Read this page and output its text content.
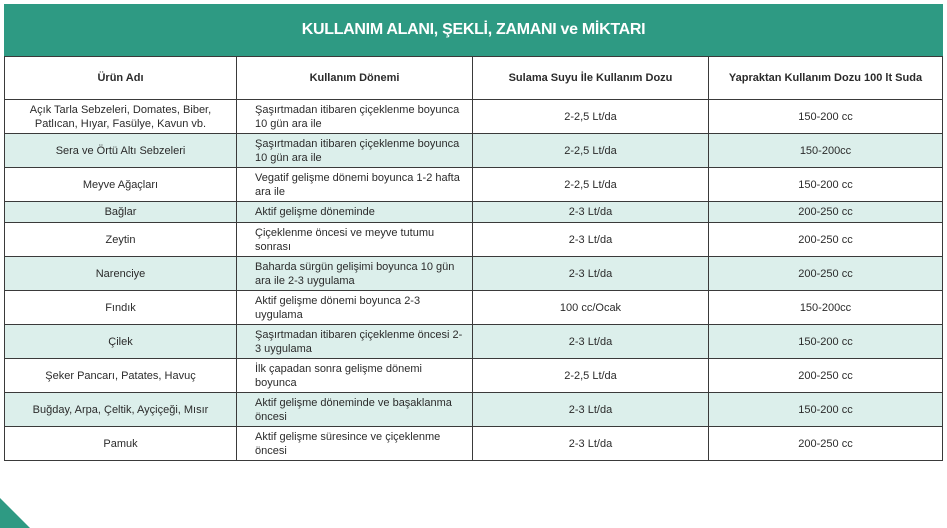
KULLANIM ALANI, ŞEKLİ, ZAMANI ve MİKTARI
Ürün Adı	Kullanım Dönemi	Sulama Suyu İle Kullanım Dozu	Yapraktan Kullanım Dozu 100 lt Suda
Açık Tarla Sebzeleri, Domates, Biber, Patlıcan, Hıyar, Fasülye, Kavun vb.	Şaşırtmadan itibaren çiçeklenme boyunca 10 gün ara ile	2-2,5 Lt/da	150-200 cc
Sera ve Örtü Altı Sebzeleri	Şaşırtmadan itibaren çiçeklenme boyunca 10 gün ara ile	2-2,5 Lt/da	150-200cc
Meyve Ağaçları	Vegatif gelişme dönemi boyunca 1-2 hafta ara ile	2-2,5 Lt/da	150-200 cc
Bağlar	Aktif gelişme döneminde	2-3 Lt/da	200-250 cc
Zeytin	Çiçeklenme öncesi ve meyve tutumu sonrası	2-3 Lt/da	200-250 cc
Narenciye	Baharda sürgün gelişimi boyunca 10 gün ara ile 2-3 uygulama	2-3 Lt/da	200-250 cc
Fındık	Aktif gelişme dönemi boyunca 2-3 uygulama	100 cc/Ocak	150-200cc
Çilek	Şaşırtmadan itibaren çiçeklenme öncesi 2-3 uygulama	2-3 Lt/da	150-200 cc
Şeker Pancarı, Patates, Havuç	İlk çapadan sonra gelişme dönemi boyunca	2-2,5 Lt/da	200-250 cc
Buğday, Arpa, Çeltik, Ayçiçeği, Mısır	Aktif gelişme döneminde ve başaklanma öncesi	2-3 Lt/da	150-200 cc
Pamuk	Aktif gelişme süresince ve çiçeklenme öncesi	2-3 Lt/da	200-250 cc
